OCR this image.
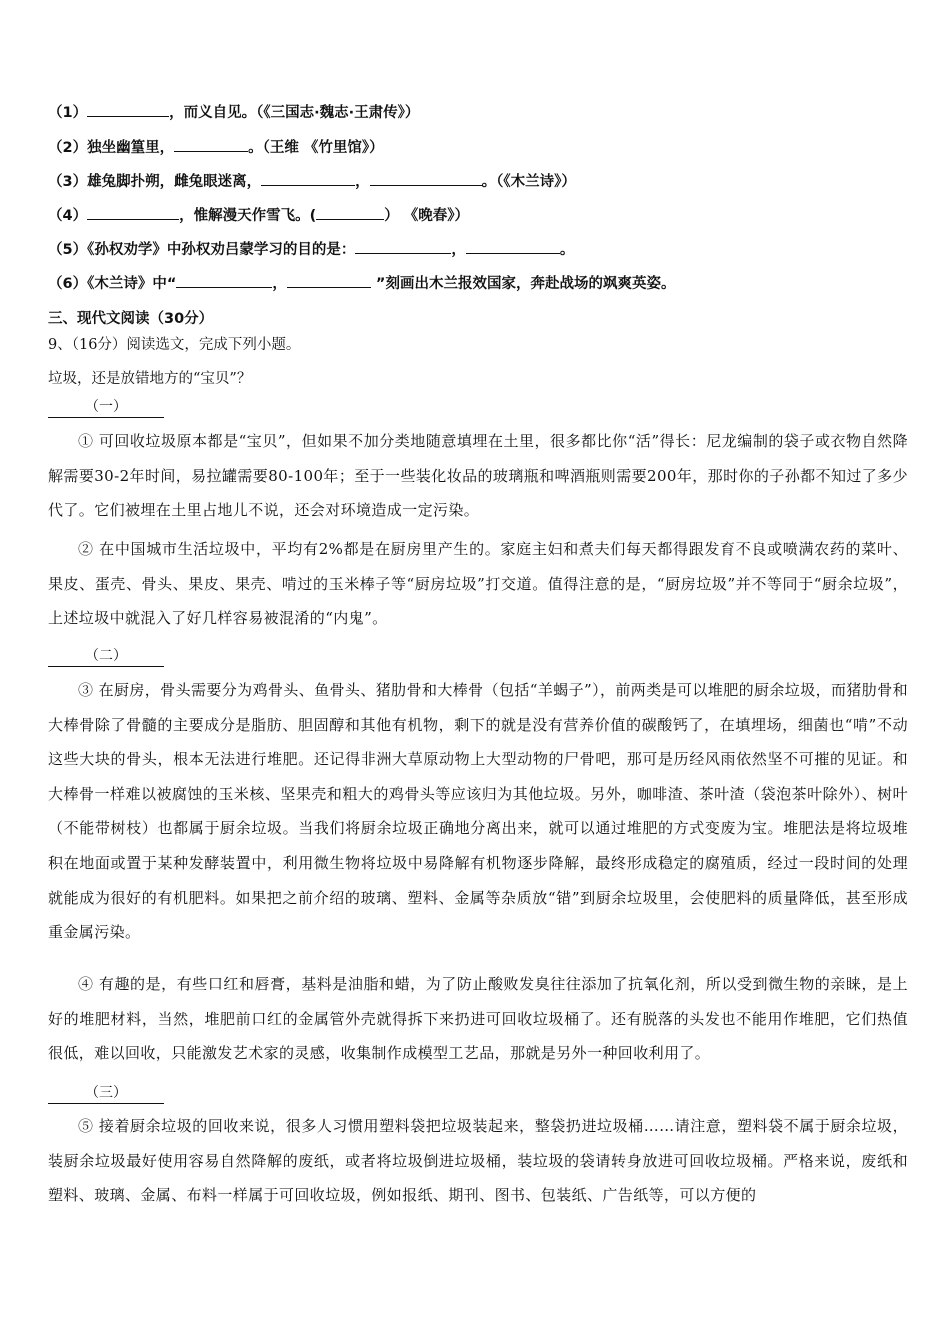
（1）	，而义自见。（《三国志·魏志·王肃传》）
（2）独坐幽篁里，	。（王维 《竹里馆》）
（3）雄兔脚扑朔，雌兔眼迷离，	，	。（《木兰诗》）
（4）	，惟解漫天作雪飞。(	） 《晚春》）
（5）《孙权劝学》中孙权劝吕蒙学习的目的是：	，	。
（6）《木兰诗》中“	，	”刻画出木兰报效国家，奔赴战场的飒爽英姿。
三、现代文阅读（30分）
9、（16分）阅读选文，完成下列小题。
垃圾，还是放错地方的“宝贝”？
（一）
① 可回收垃圾原本都是“宝贝”，但如果不加分类地随意填埋在土里，很多都比你“活”得长：尼龙编制的袋子或衣物自然降解需要30-2年时间，易拉罐需要80-100年；至于一些装化妆品的玻璃瓶和啤酒瓶则需要200年，那时你的子孙都不知过了多少代了。它们被埋在土里占地儿不说，还会对环境造成一定污染。
② 在中国城市生活垃圾中，平均有2%都是在厨房里产生的。家庭主妇和煮夫们每天都得跟发育不良或喷满农药的菜叶、果皮、蛋壳、骨头、果皮、果壳、啃过的玉米棒子等“厨房垃圾”打交道。值得注意的是，“厨房垃圾”并不等同于“厨余垃圾”，上述垃圾中就混入了好几样容易被混淆的“内鬼”。
（二）
③ 在厨房，骨头需要分为鸡骨头、鱼骨头、猪肋骨和大棒骨（包括“羊蝎子”），前两类是可以堆肥的厨余垃圾，而猪肋骨和大棒骨除了骨髓的主要成分是脂肪、胆固醇和其他有机物，剩下的就是没有营养价值的碳酸钙了，在填埋场，细菌也“啃”不动这些大块的骨头，根本无法进行堆肥。还记得非洲大草原动物上大型动物的尸骨吧，那可是历经风雨依然坚不可摧的见证。和大棒骨一样难以被腐蚀的玉米核、坚果壳和粗大的鸡骨头等应该归为其他垃圾。另外，咖啡渣、茶叶渣（袋泡茶叶除外）、树叶（不能带树枝）也都属于厨余垃圾。当我们将厨余垃圾正确地分离出来，就可以通过堆肥的方式变废为宝。堆肥法是将垃圾堆积在地面或置于某种发酵装置中，利用微生物将垃圾中易降解有机物逐步降解，最终形成稳定的腐殖质，经过一段时间的处理就能成为很好的有机肥料。如果把之前介绍的玻璃、塑料、金属等杂质放“错”到厨余垃圾里，会使肥料的质量降低，甚至形成重金属污染。
④ 有趣的是，有些口红和唇膏，基料是油脂和蜡，为了防止酸败发臭往往添加了抗氧化剂，所以受到微生物的亲睐，是上好的堆肥材料，当然，堆肥前口红的金属管外壳就得拆下来扔进可回收垃圾桶了。还有脱落的头发也不能用作堆肥，它们热值很低，难以回收，只能激发艺术家的灵感，收集制作成模型工艺品，那就是另外一种回收利用了。
（三）
⑤ 接着厨余垃圾的回收来说，很多人习惯用塑料袋把垃圾装起来，整袋扔进垃圾桶……请注意，塑料袋不属于厨余垃圾，装厨余垃圾最好使用容易自然降解的废纸，或者将垃圾倒进垃圾桶，装垃圾的袋请转身放进可回收垃圾桶。严格来说，废纸和塑料、玻璃、金属、布料一样属于可回收垃圾，例如报纸、期刊、图书、包装纸、广告纸等，可以方便的
